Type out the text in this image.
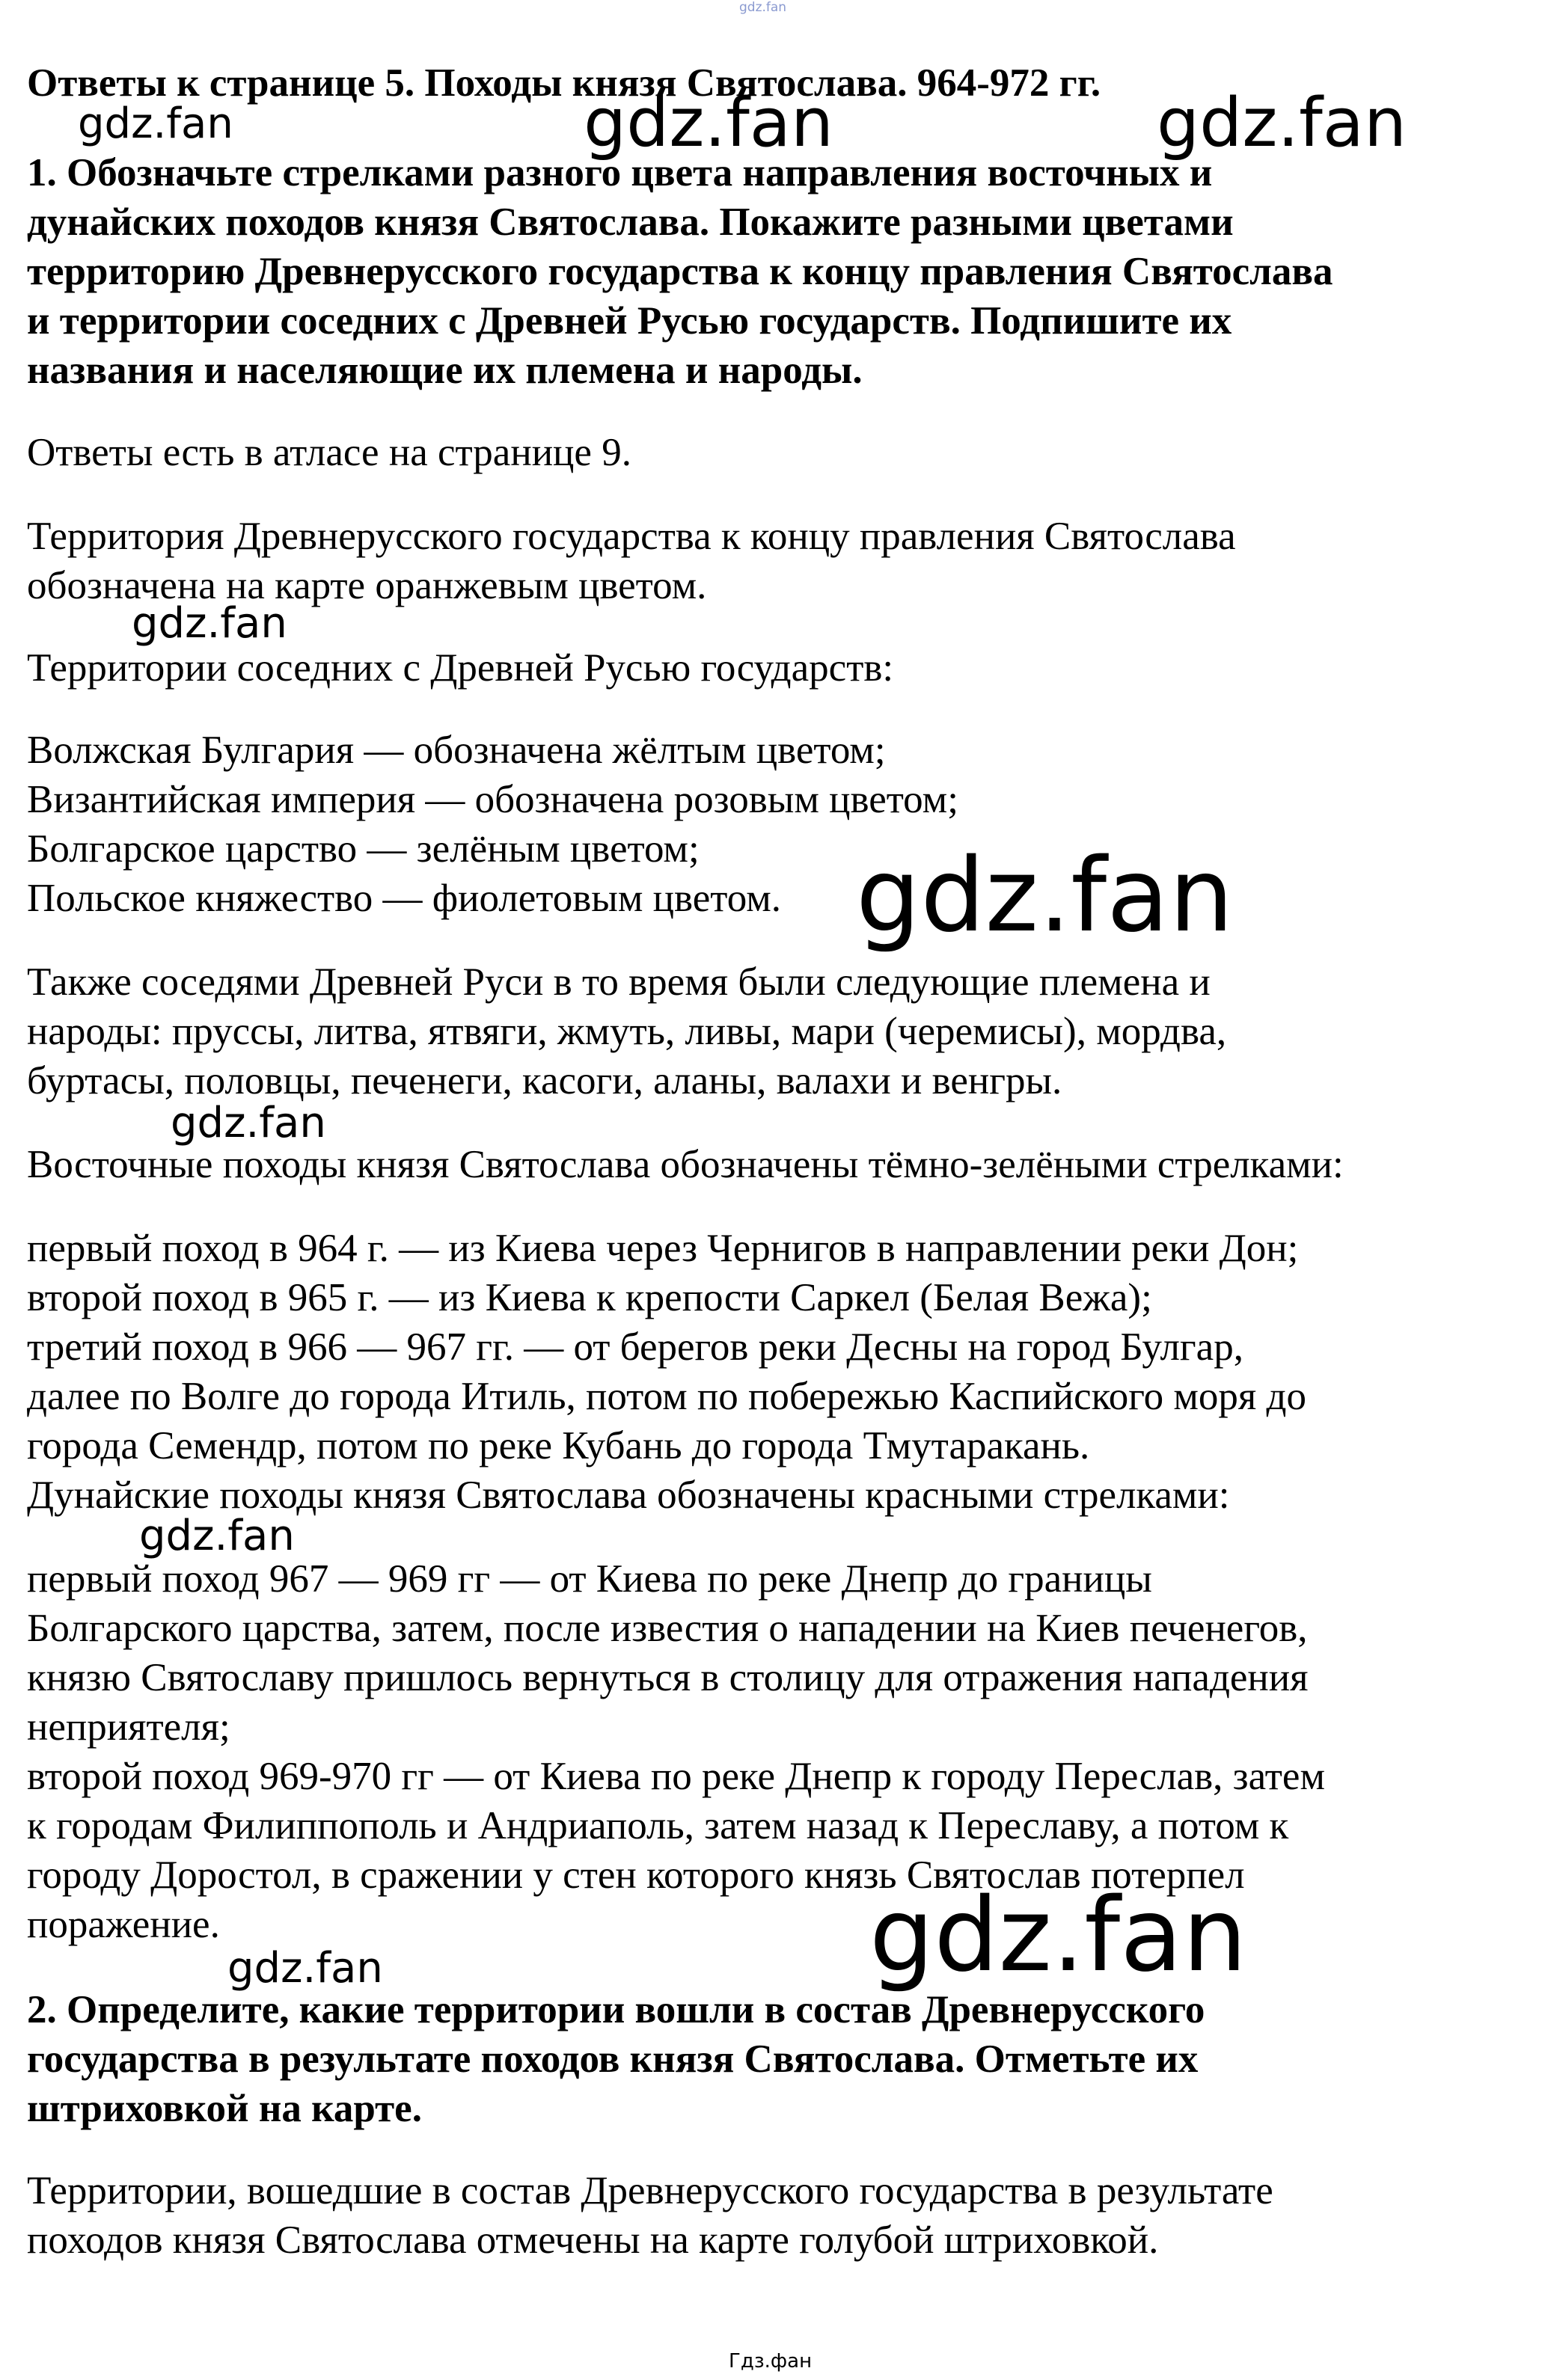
gdz.fan
Ответы к странице 5. Походы князя Святослава. 964-972 гг.
1. Обозначьте стрелками разного цвета направления восточных и
дунайских походов князя Святослава. Покажите разными цветами
территорию Древнерусского государства к концу правления Святослава
и территории соседних с Древней Русью государств. Подпишите их
названия и населяющие их племена и народы.
Ответы есть в атласе на странице 9.
Территория Древнерусского государства к концу правления Святослава
обозначена на карте оранжевым цветом.
Территории соседних с Древней Русью государств:
Волжская Булгария — обозначена жёлтым цветом;
Византийская империя — обозначена розовым цветом;
Болгарское царство — зелёным цветом;
Польское княжество — фиолетовым цветом.
Также соседями Древней Руси в то время были следующие племена и
народы: пруссы, литва, ятвяги, жмуть, ливы, мари (черемисы), мордва,
буртасы, половцы, печенеги, касоги, аланы, валахи и венгры.
Восточные походы князя Святослава обозначены тёмно-зелёными стрелками:
первый поход в 964 г. — из Киева через Чернигов в направлении реки Дон;
второй поход в 965 г. — из Киева к крепости Саркел (Белая Вежа);
третий поход в 966 — 967 гг. — от берегов реки Десны на город Булгар,
далее по Волге до города Итиль, потом по побережью Каспийского моря до
города Семендр, потом по реке Кубань до города Тмутаракань.
Дунайские походы князя Святослава обозначены красными стрелками:
первый поход 967 — 969 гг — от Киева по реке Днепр до границы
Болгарского царства, затем, после известия о нападении на Киев печенегов,
князю Святославу пришлось вернуться в столицу для отражения нападения
неприятеля;
второй поход 969-970 гг — от Киева по реке Днепр к городу Переслав, затем
к городам Филиппополь и Андриаполь, затем назад к Переславу, а потом к
городу Доростол, в сражении у стен которого князь Святослав потерпел
поражение.
2. Определите, какие территории вошли в состав Древнерусского
государства в результате походов князя Святослава. Отметьте их
штриховкой на карте.
Территории, вошедшие в состав Древнерусского государства в результате
походов князя Святослава отмечены на карте голубой штриховкой.
gdz.fan	gdz.fan	gdz.fan
gdz.fan
gdz.fan
gdz.fan
gdz.fan
gdz.fan
gdz.fan
Гдз.фан
